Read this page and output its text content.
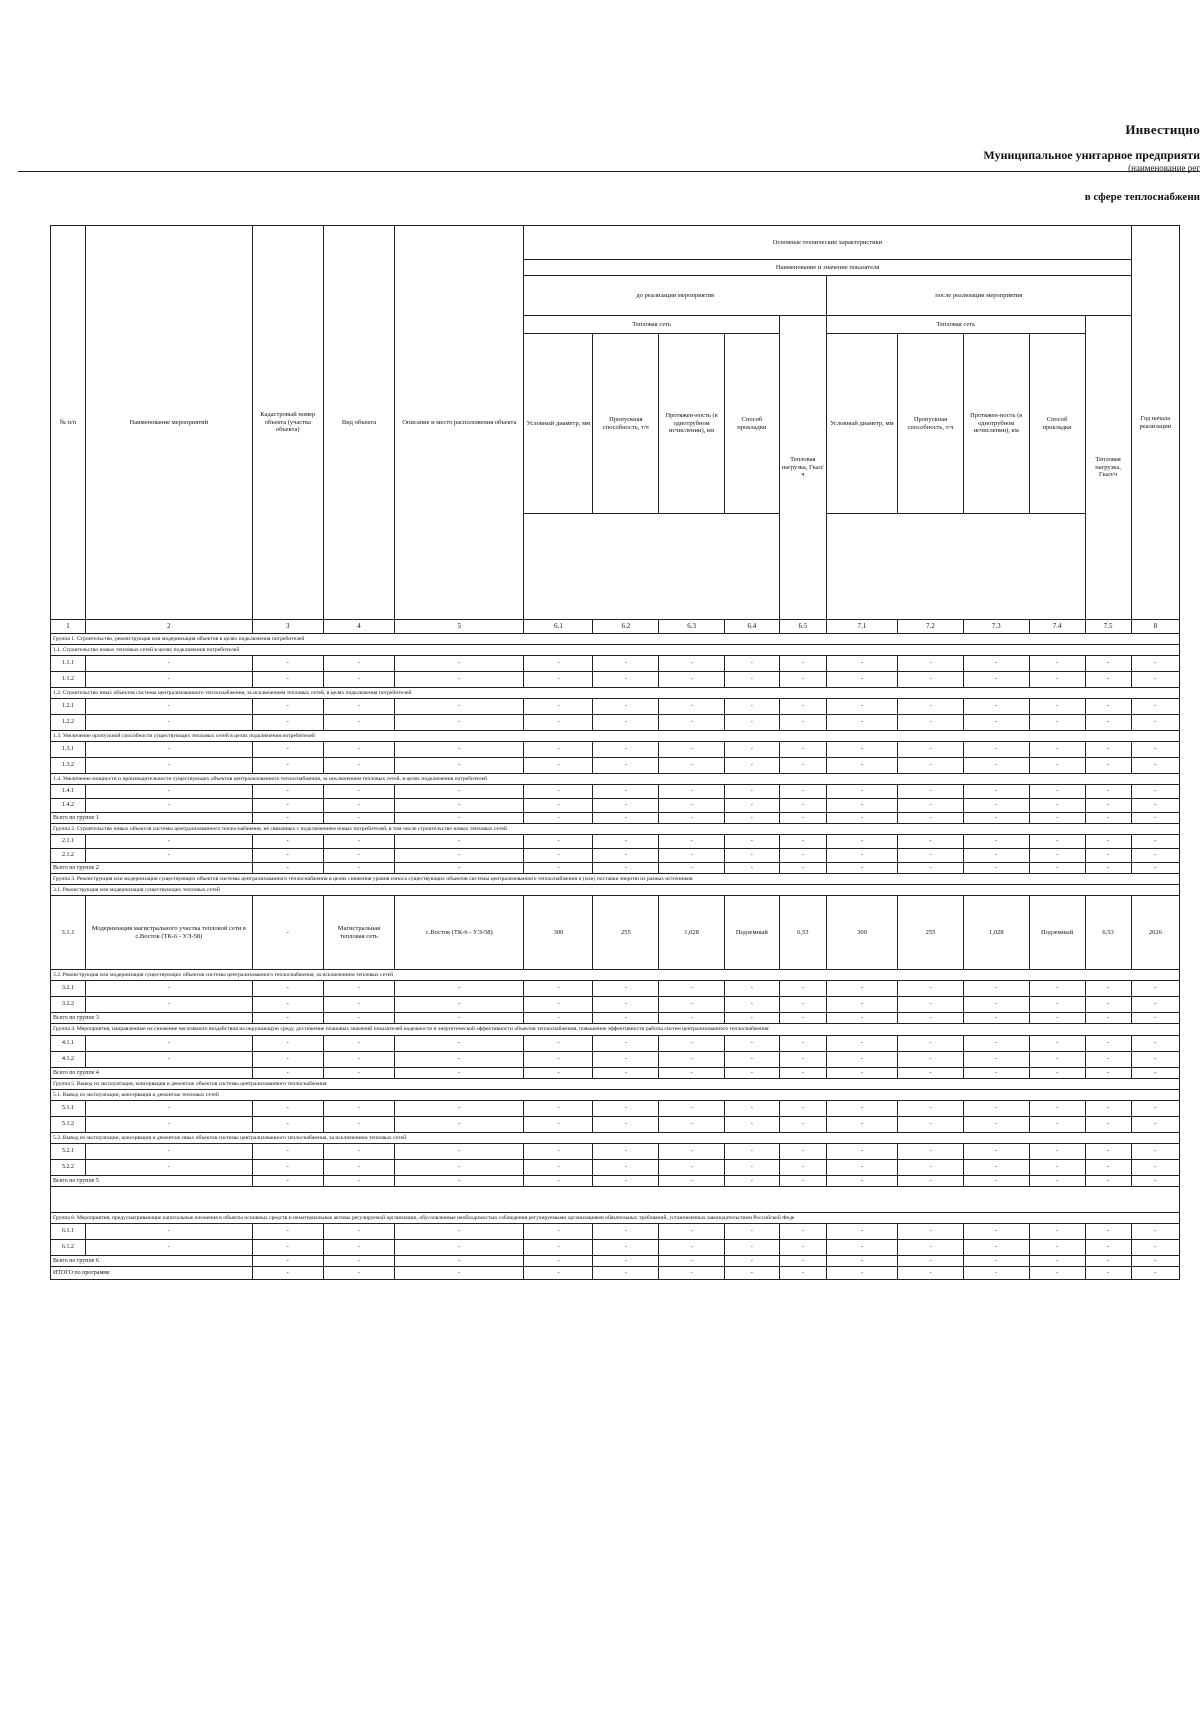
Инвестицио
Муниципальное унитарное предприяти
(наименование рег
в сфере теплоснабжени
№ п/п	Наименование мероприятий	Кадастровый номер объекта (участка объекта)	Вид объекта	Описание и место расположения объекта	Основные технические характеристики										Год начала реализации
					Наименование и значение показателя										
					до реализации мероприятия					после реализации мероприятия					
					Тепловая сеть				Тепловая нагрузка, Гкал/ч	Тепловая сеть				Тепловая нагрузка, Гкал/ч	
					Условный диаметр, мм	Пропускная способность, т/ч	Протяжен-ность (в однотрубном исчислении), км	Способ прокладки		Условный диаметр, мм	Пропускная способность, т/ч	Протяжен-ность (в однотрубном исчислении), км	Способ прокладки		

1	2	3	4	5	6.1	6.2	6.3	6.4	6.5	7.1	7.2	7.3	7.4	7.5	8
Группа 1. Строительство, реконструкция или модернизация объектов в целях подключения потребителей															
1.1. Строительство новых тепловых сетей в целях подключения потребителей															
1.1.1	-	-	-	-	-	-	-	-	-	-	-	-	-	-	-
1.1.2	-	-	-	-	-	-	-	-	-	-	-	-	-	-	-
1.2. Строительство иных объектов системы централизованного теплоснабжения, за исключением тепловых сетей, в целях подключения потребителей															
1.2.1	-	-	-	-	-	-	-	-	-	-	-	-	-	-	-
1.2.2	-	-	-	-	-	-	-	-	-	-	-	-	-	-	-
1.3. Увеличение пропускной способности существующих тепловых сетей в целях подключения потребителей															
1.3.1	-	-	-	-	-	-	-	-	-	-	-	-	-	-	-
1.3.2	-	-	-	-	-	-	-	-	-	-	-	-	-	-	-
1.4. Увеличение мощности и производительности существующих объектов централизованного теплоснабжения, за исключением тепловых сетей, в целях подключения потребителей															
1.4.1	-	-	-	-	-	-	-	-	-	-	-	-	-	-	-
1.4.2	-	-	-	-	-	-	-	-	-	-	-	-	-	-	-
Всего по группе 1		-	-	-	-	-	-	-	-	-	-	-	-	-	-
Группа 2. Строительство новых объектов системы централизованного теплоснабжения, не связанных с подключением новых потребителей, в том числе строительство новых тепловых сетей															
2.1.1	-	-	-	-	-	-	-	-	-	-	-	-	-	-	-
2.1.2	-	-	-	-	-	-	-	-	-	-	-	-	-	-	-
Всего по группе 2		-	-	-	-	-	-	-	-	-	-	-	-	-	-
Группа 3. Реконструкция или модернизация существующих объектов системы централизованного теплоснабжения в целях снижения уровня износа существующих объектов системы централизованного теплоснабжения и (или) поставки энергии из разных источников															
3.1. Реконструкция или модернизация существующих тепловых сетей															
3.1.1	Модернизация магистрального участка тепловой сети в с.Восток (ТК-6 - УЭ-58)	-	Магистральная тепловая сеть	с.Восток (ТК-6 - УЭ-58)	300	255	1,028	Подземный	6,53	300	255	1,028	Подземный	6,53	2026
3.2. Реконструкция или модернизация существующих объектов системы централизованного теплоснабжения, за исключением тепловых сетей															
3.2.1	-	-	-	-	-	-	-	-	-	-	-	-	-	-	-
3.2.2	-	-	-	-	-	-	-	-	-	-	-	-	-	-	-
Всего по группе 3		-	-	-	-	-	-	-	-	-	-	-	-	-	-
Группа 4. Мероприятия, направленные на снижение негативного воздействия на окружающую среду, достижение плановых значений показателей надежности и энергетической эффективности объектов теплоснабжения, повышение эффективности работы систем централизованного теплоснабжения															
4.1.1	-	-	-	-	-	-	-	-	-	-	-	-	-	-	-
4.1.2	-	-	-	-	-	-	-	-	-	-	-	-	-	-	-
Всего по группе 4		-	-	-	-	-	-	-	-	-	-	-	-	-	-
Группа 5. Вывод из эксплуатации, консервация и демонтаж объектов системы централизованного теплоснабжения															
5.1. Вывод из эксплуатации, консервация и демонтаж тепловых сетей															
5.1.1	-	-	-	-	-	-	-	-	-	-	-	-	-	-	-
5.1.2	-	-	-	-	-	-	-	-	-	-	-	-	-	-	-
5.2. Вывод из эксплуатации, консервация и демонтаж иных объектов системы централизованного теплоснабжения, за исключением тепловых сетей															
5.2.1	-	-	-	-	-	-	-	-	-	-	-	-	-	-	-
5.2.2	-	-	-	-	-	-	-	-	-	-	-	-	-	-	-
Всего по группе 5		-	-	-	-	-	-	-	-	-	-	-	-	-	-

Группа 6. Мероприятия, предусматривающие капитальные вложения в объекты основных средств и нематериальные активы регулируемой организации, обусловленные необходимостью соблюдения регулируемыми организациями обязательных требований, установленных законодательством Российской Феде															
6.1.1	-	-	-	-	-	-	-	-	-	-	-	-	-	-	-
6.1.2	-	-	-	-	-	-	-	-	-	-	-	-	-	-	-
Всего по группе 6		-	-	-	-	-	-	-	-	-	-	-	-	-	-
ИТОГО по программе		-	-	-	-	-	-	-	-	-	-	-	-	-	-
